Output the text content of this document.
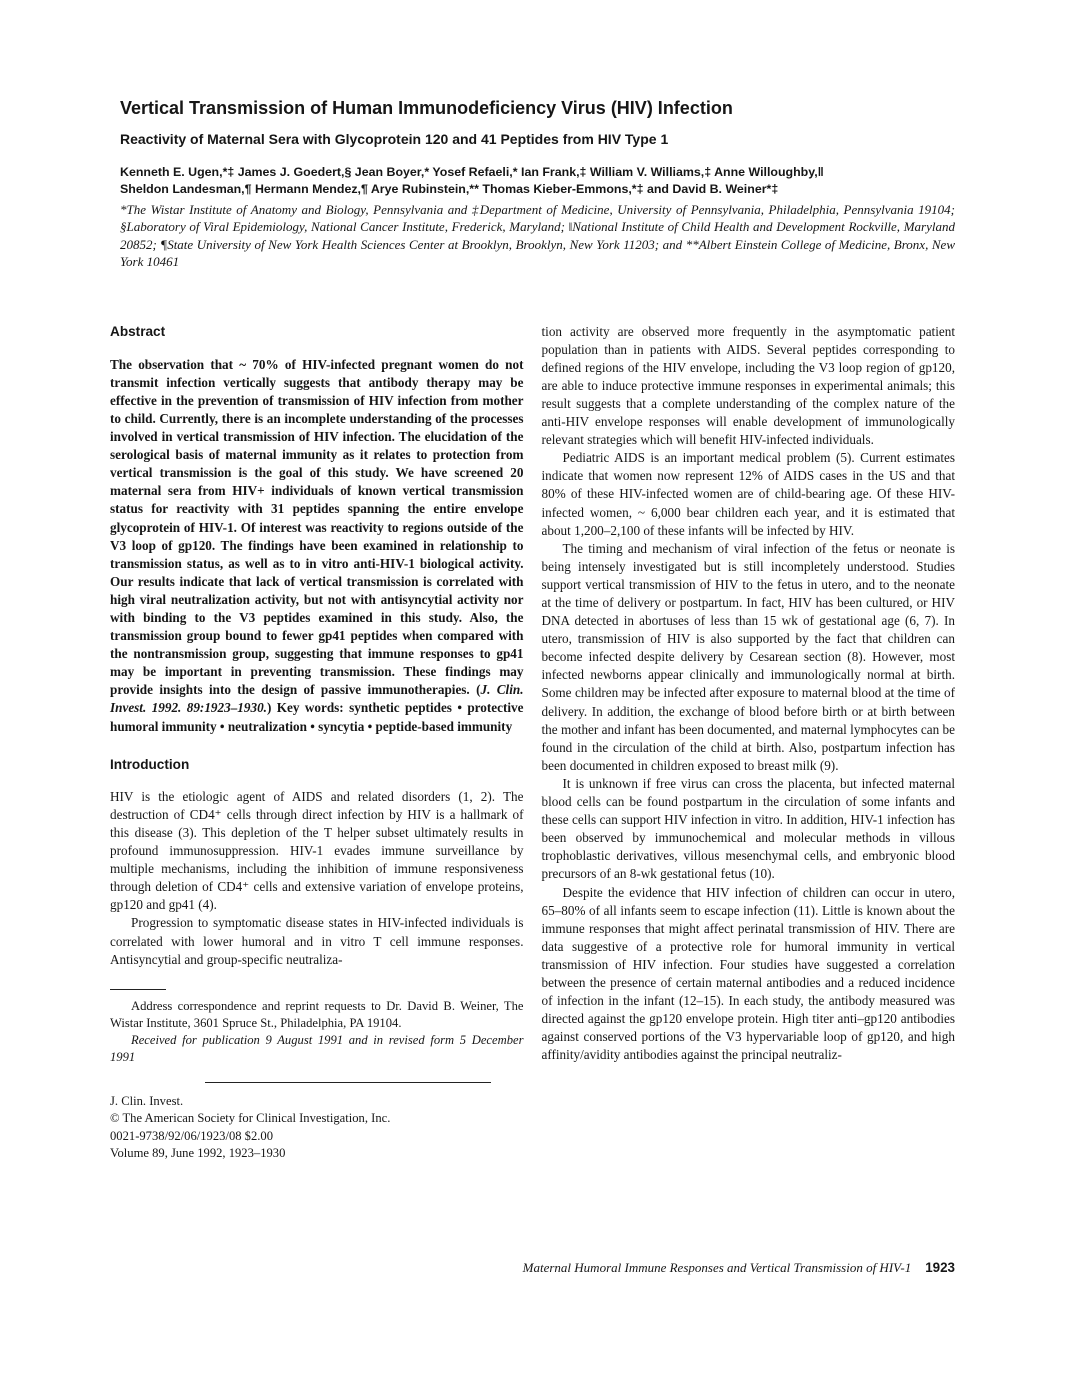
Vertical Transmission of Human Immunodeficiency Virus (HIV) Infection
Reactivity of Maternal Sera with Glycoprotein 120 and 41 Peptides from HIV Type 1
Kenneth E. Ugen,*‡ James J. Goedert,§ Jean Boyer,* Yosef Refaeli,* Ian Frank,‡ William V. Williams,‡ Anne Willoughby,‖
Sheldon Landesman,¶ Hermann Mendez,¶ Arye Rubinstein,** Thomas Kieber-Emmons,*‡ and David B. Weiner*‡
*The Wistar Institute of Anatomy and Biology, Pennsylvania and ‡Department of Medicine, University of Pennsylvania, Philadelphia, Pennsylvania 19104; §Laboratory of Viral Epidemiology, National Cancer Institute, Frederick, Maryland; ‖National Institute of Child Health and Development Rockville, Maryland 20852; ¶State University of New York Health Sciences Center at Brooklyn, Brooklyn, New York 11203; and **Albert Einstein College of Medicine, Bronx, New York 10461
Abstract

The observation that ~ 70% of HIV-infected pregnant women do not transmit infection vertically suggests that antibody therapy may be effective in the prevention of transmission of HIV infection from mother to child. Currently, there is an incomplete understanding of the processes involved in vertical transmission of HIV infection. The elucidation of the serological basis of maternal immunity as it relates to protection from vertical transmission is the goal of this study. We have screened 20 maternal sera from HIV+ individuals of known vertical transmission status for reactivity with 31 peptides spanning the entire envelope glycoprotein of HIV-1. Of interest was reactivity to regions outside of the V3 loop of gp120. The findings have been examined in relationship to transmission status, as well as to in vitro anti-HIV-1 biological activity. Our results indicate that lack of vertical transmission is correlated with high viral neutralization activity, but not with antisyncytial activity nor with binding to the V3 peptides examined in this study. Also, the transmission group bound to fewer gp41 peptides when compared with the nontransmission group, suggesting that immune responses to gp41 may be important in preventing transmission. These findings may provide insights into the design of passive immunotherapies. (J. Clin. Invest. 1992. 89:1923–1930.) Key words: synthetic peptides • protective humoral immunity • neutralization • syncytia • peptide-based immunity

Introduction

HIV is the etiologic agent of AIDS and related disorders (1, 2). The destruction of CD4⁺ cells through direct infection by HIV is a hallmark of this disease (3). This depletion of the T helper subset ultimately results in profound immunosuppression. HIV-1 evades immune surveillance by multiple mechanisms, including the inhibition of immune responsiveness through deletion of CD4⁺ cells and extensive variation of envelope proteins, gp120 and gp41 (4).

Progression to symptomatic disease states in HIV-infected individuals is correlated with lower humoral and in vitro T cell immune responses. Antisyncytial and group-specific neutraliza-

Address correspondence and reprint requests to Dr. David B. Weiner, The Wistar Institute, 3601 Spruce St., Philadelphia, PA 19104.

Received for publication 9 August 1991 and in revised form 5 December 1991

J. Clin. Invest.
© The American Society for Clinical Investigation, Inc.
0021-9738/92/06/1923/08 $2.00
Volume 89, June 1992, 1923–1930

tion activity are observed more frequently in the asymptomatic patient population than in patients with AIDS. Several peptides corresponding to defined regions of the HIV envelope, including the V3 loop region of gp120, are able to induce protective immune responses in experimental animals; this result suggests that a complete understanding of the complex nature of the anti-HIV envelope responses will enable development of immunologically relevant strategies which will benefit HIV-infected individuals.

Pediatric AIDS is an important medical problem (5). Current estimates indicate that women now represent 12% of AIDS cases in the US and that 80% of these HIV-infected women are of child-bearing age. Of these HIV-infected women, ~ 6,000 bear children each year, and it is estimated that about 1,200–2,100 of these infants will be infected by HIV.

The timing and mechanism of viral infection of the fetus or neonate is being intensely investigated but is still incompletely understood. Studies support vertical transmission of HIV to the fetus in utero, and to the neonate at the time of delivery or postpartum. In fact, HIV has been cultured, or HIV DNA detected in abortuses of less than 15 wk of gestational age (6, 7). In utero, transmission of HIV is also supported by the fact that children can become infected despite delivery by Cesarean section (8). However, most infected newborns appear clinically and immunologically normal at birth. Some children may be infected after exposure to maternal blood at the time of delivery. In addition, the exchange of blood before birth or at birth between the mother and infant has been documented, and maternal lymphocytes can be found in the circulation of the child at birth. Also, postpartum infection has been documented in children exposed to breast milk (9).

It is unknown if free virus can cross the placenta, but infected maternal blood cells can be found postpartum in the circulation of some infants and these cells can support HIV infection in vitro. In addition, HIV-1 infection has been observed by immunochemical and molecular methods in villous trophoblastic derivatives, villous mesenchymal cells, and embryonic blood precursors of an 8-wk gestational fetus (10).

Despite the evidence that HIV infection of children can occur in utero, 65–80% of all infants seem to escape infection (11). Little is known about the immune responses that might affect perinatal transmission of HIV. There are data suggestive of a protective role for humoral immunity in vertical transmission of HIV infection. Four studies have suggested a correlation between the presence of certain maternal antibodies and a reduced incidence of infection in the infant (12–15). In each study, the antibody measured was directed against the gp120 envelope protein. High titer anti–gp120 antibodies against conserved portions of the V3 hypervariable loop of gp120, and high affinity/avidity antibodies against the principal neutraliz-

Maternal Humoral Immune Responses and Vertical Transmission of HIV-1 1923
